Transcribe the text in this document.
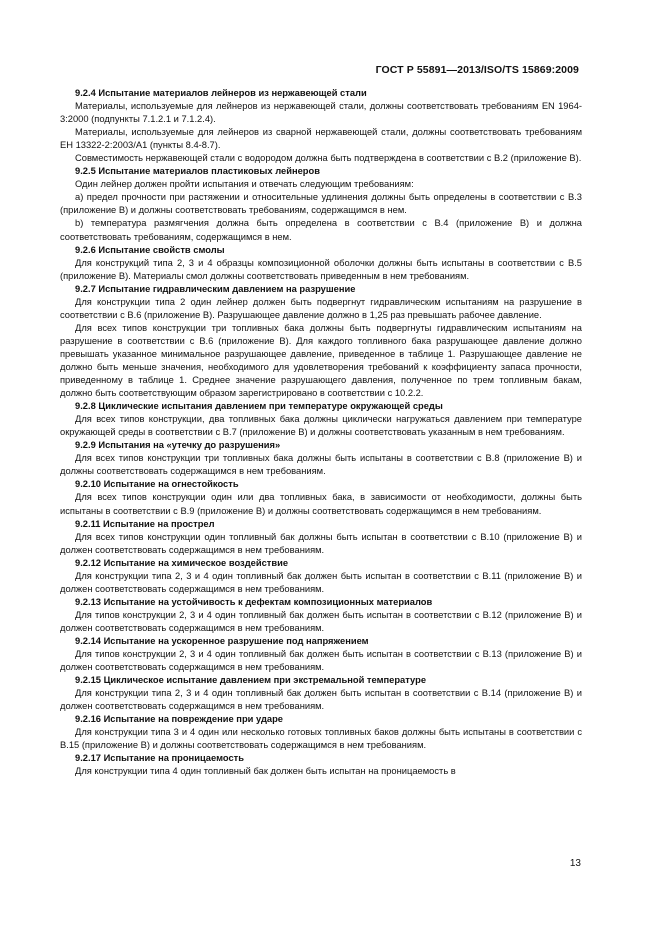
ГОСТ Р 55891—2013/ISO/TS 15869:2009

9.2.4 Испытание материалов лейнеров из нержавеющей стали

Материалы, используемые для лейнеров из нержавеющей стали, должны соответствовать требованиям EN 1964-3:2000 (подпункты 7.1.2.1 и 7.1.2.4).

Материалы, используемые для лейнеров из сварной нержавеющей стали, должны соответствовать требованиям EH 13322-2:2003/A1 (пункты 8.4-8.7).

Совместимость нержавеющей стали с водородом должна быть подтверждена в соответствии с B.2 (приложение B).

9.2.5 Испытание материалов пластиковых лейнеров

Один лейнер должен пройти испытания и отвечать следующим требованиям:

a) предел прочности при растяжении и относительные удлинения должны быть определены в соответствии с B.3 (приложение B) и должны соответствовать требованиям, содержащимся в нем.

b) температура размягчения должна быть определена в соответствии с B.4 (приложение B) и должна соответствовать требованиям, содержащимся в нем.

9.2.6 Испытание свойств смолы

Для конструкций типа 2, 3 и 4 образцы композиционной оболочки должны быть испытаны в соответствии с B.5 (приложение B). Материалы смол должны соответствовать приведенным в нем требованиям.

9.2.7 Испытание гидравлическим давлением на разрушение

Для конструкции типа 2 один лейнер должен быть подвергнут гидравлическим испытаниям на разрушение в соответствии с B.6 (приложение B). Разрушающее давление должно в 1,25 раз превышать рабочее давление.

Для всех типов конструкции три топливных бака должны быть подвергнуты гидравлическим испытаниям на разрушение в соответствии с B.6 (приложение B). Для каждого топливного бака разрушающее давление должно превышать указанное минимальное разрушающее давление, приведенное в таблице 1. Разрушающее давление не должно быть меньше значения, необходимого для удовлетворения требований к коэффициенту запаса прочности, приведенному в таблице 1. Среднее значение разрушающего давления, полученное по трем топливным бакам, должно быть соответствующим образом зарегистрировано в соответствии с 10.2.2.

9.2.8 Циклические испытания давлением при температуре окружающей среды

Для всех типов конструкции, два топливных бака должны циклически нагружаться давлением при температуре окружающей среды в соответствии с B.7 (приложение B) и должны соответствовать указанным в нем требованиям.

9.2.9 Испытания на «утечку до разрушения»

Для всех типов конструкции три топливных бака должны быть испытаны в соответствии с B.8 (приложение B) и должны соответствовать содержащимся в нем требованиям.

9.2.10 Испытание на огнестойкость

Для всех типов конструкции один или два топливных бака, в зависимости от необходимости, должны быть испытаны в соответствии с B.9 (приложение B) и должны соответствовать содержащимся в нем требованиям.

9.2.11 Испытание на прострел

Для всех типов конструкции один топливный бак должны быть испытан в соответствии с B.10 (приложение B) и должен соответствовать содержащимся в нем требованиям.

9.2.12 Испытание на химическое воздействие

Для конструкции типа 2, 3 и 4 один топливный бак должен быть испытан в соответствии с B.11 (приложение B) и должен соответствовать содержащимся в нем требованиям.

9.2.13 Испытание на устойчивость к дефектам композиционных материалов

Для типов конструкции 2, 3 и 4 один топливный бак должен быть испытан в соответствии с B.12 (приложение B) и должен соответствовать содержащимся в нем требованиям.

9.2.14 Испытание на ускоренное разрушение под напряжением

Для типов конструкции 2, 3 и 4 один топливный бак должен быть испытан в соответствии с B.13 (приложение B) и должен соответствовать содержащимся в нем требованиям.

9.2.15 Циклическое испытание давлением при экстремальной температуре

Для конструкции типа 2, 3 и 4 один топливный бак должен быть испытан в соответствии с B.14 (приложение B) и должен соответствовать содержащимся в нем требованиям.

9.2.16 Испытание на повреждение при ударе

Для конструкции типа 3 и 4 один или несколько готовых топливных баков должны быть испытаны в соответствии с B.15 (приложение B) и должны соответствовать содержащимся в нем требованиям.

9.2.17 Испытание на проницаемость

Для конструкции типа 4 один топливный бак должен быть испытан на проницаемость в

13
